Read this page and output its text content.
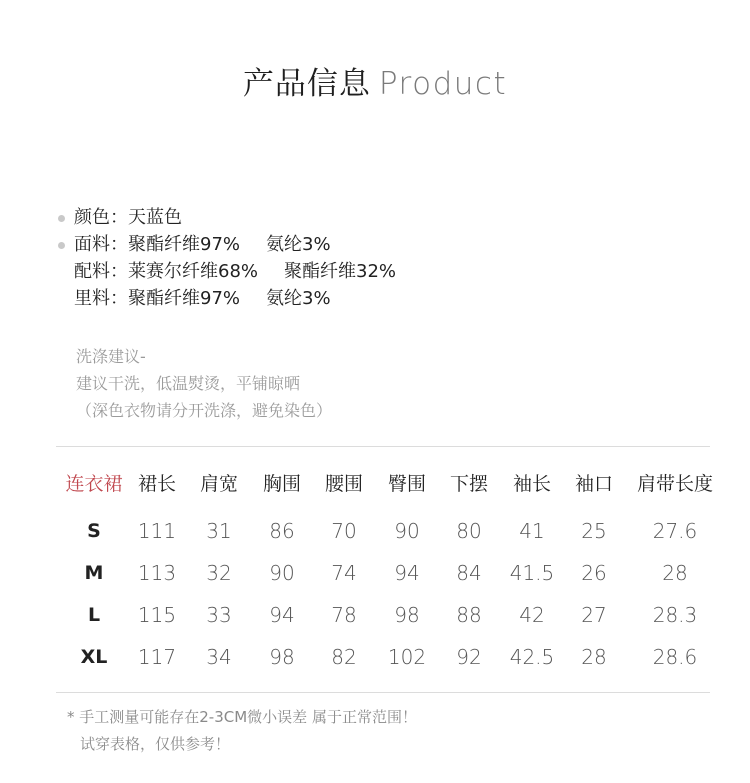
产品信息 Product
颜色：天蓝色
面料：聚酯纤维97% 氨纶3%
配料：莱赛尔纤维68% 聚酯纤维32%
里料：聚酯纤维97% 氨纶3%
洗涤建议-
建议干洗，低温熨烫，平铺晾晒
（深色衣物请分开洗涤，避免染色）
连衣裙 裙长 肩宽 胸围 腰围 臀围 下摆 袖长 袖口 肩带长度
S 111 31 86 70 90 80 41 25 27.6
M 113 32 90 74 94 84 41.5 26	28
L 115 33 94 78 98 88 42 27 28.3
XL 117 34 98 82 102 92 42.5 28 28.6
* 手工测量可能存在2-3CM微小误差 属于正常范围！
试穿表格，仅供参考！
